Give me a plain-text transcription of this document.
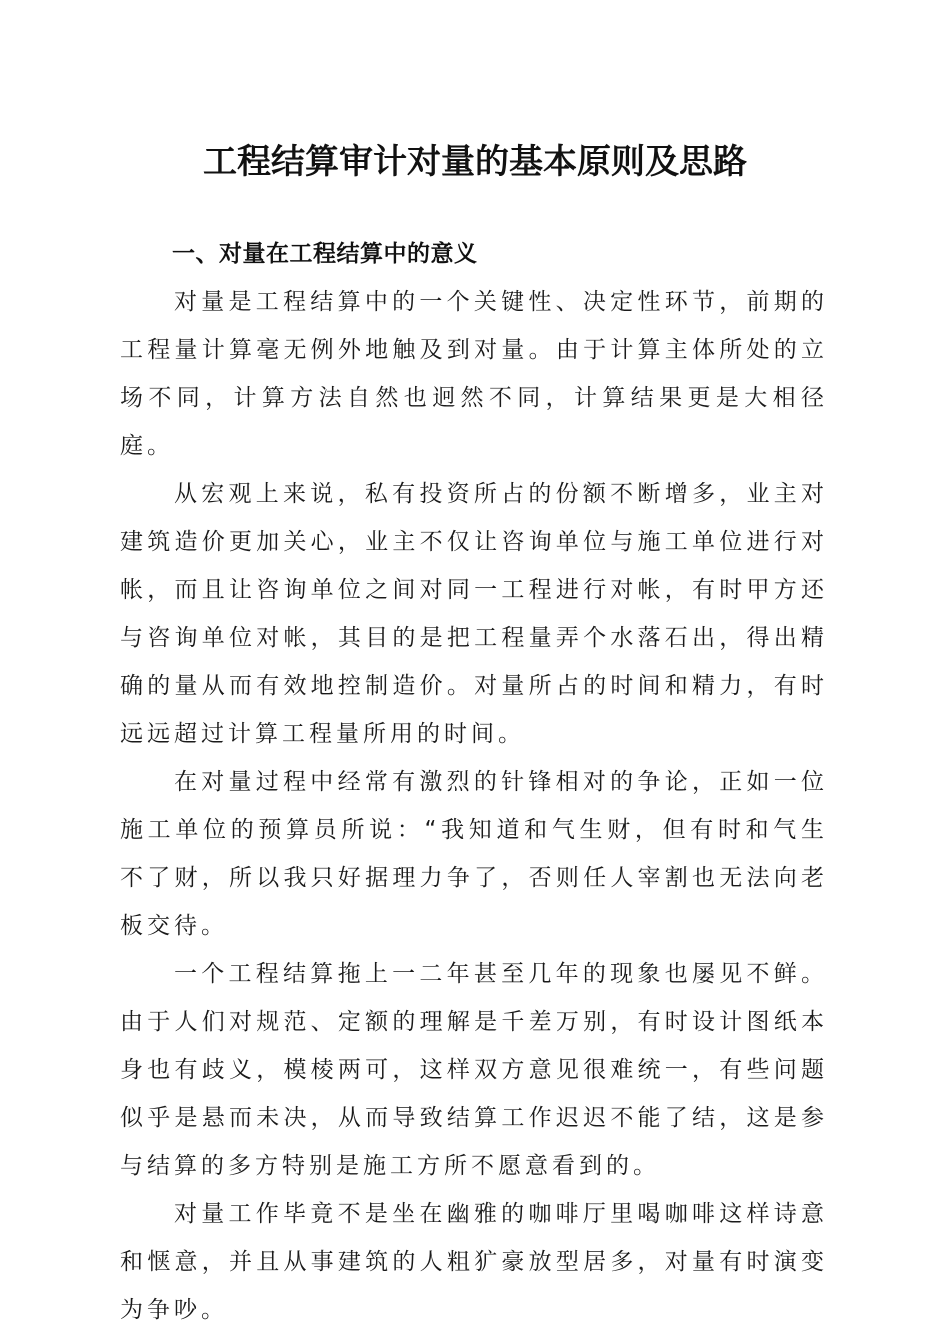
工程结算审计对量的基本原则及思路
一、对量在工程结算中的意义

对量是工程结算中的一个关键性、决定性环节，前期的工程量计算毫无例外地触及到对量。由于计算主体所处的立场不同，计算方法自然也迥然不同，计算结果更是大相径庭。

从宏观上来说，私有投资所占的份额不断增多，业主对建筑造价更加关心，业主不仅让咨询单位与施工单位进行对帐，而且让咨询单位之间对同一工程进行对帐，有时甲方还与咨询单位对帐，其目的是把工程量弄个水落石出，得出精确的量从而有效地控制造价。对量所占的时间和精力，有时远远超过计算工程量所用的时间。

在对量过程中经常有激烈的针锋相对的争论，正如一位施工单位的预算员所说：“我知道和气生财，但有时和气生不了财，所以我只好据理力争了，否则任人宰割也无法向老板交待。

一个工程结算拖上一二年甚至几年的现象也屡见不鲜。由于人们对规范、定额的理解是千差万别，有时设计图纸本身也有歧义，模棱两可，这样双方意见很难统一，有些问题似乎是悬而未决，从而导致结算工作迟迟不能了结，这是参与结算的多方特别是施工方所不愿意看到的。

对量工作毕竟不是坐在幽雅的咖啡厅里喝咖啡这样诗意和惬意，并且从事建筑的人粗犷豪放型居多，对量有时演变为争吵。
